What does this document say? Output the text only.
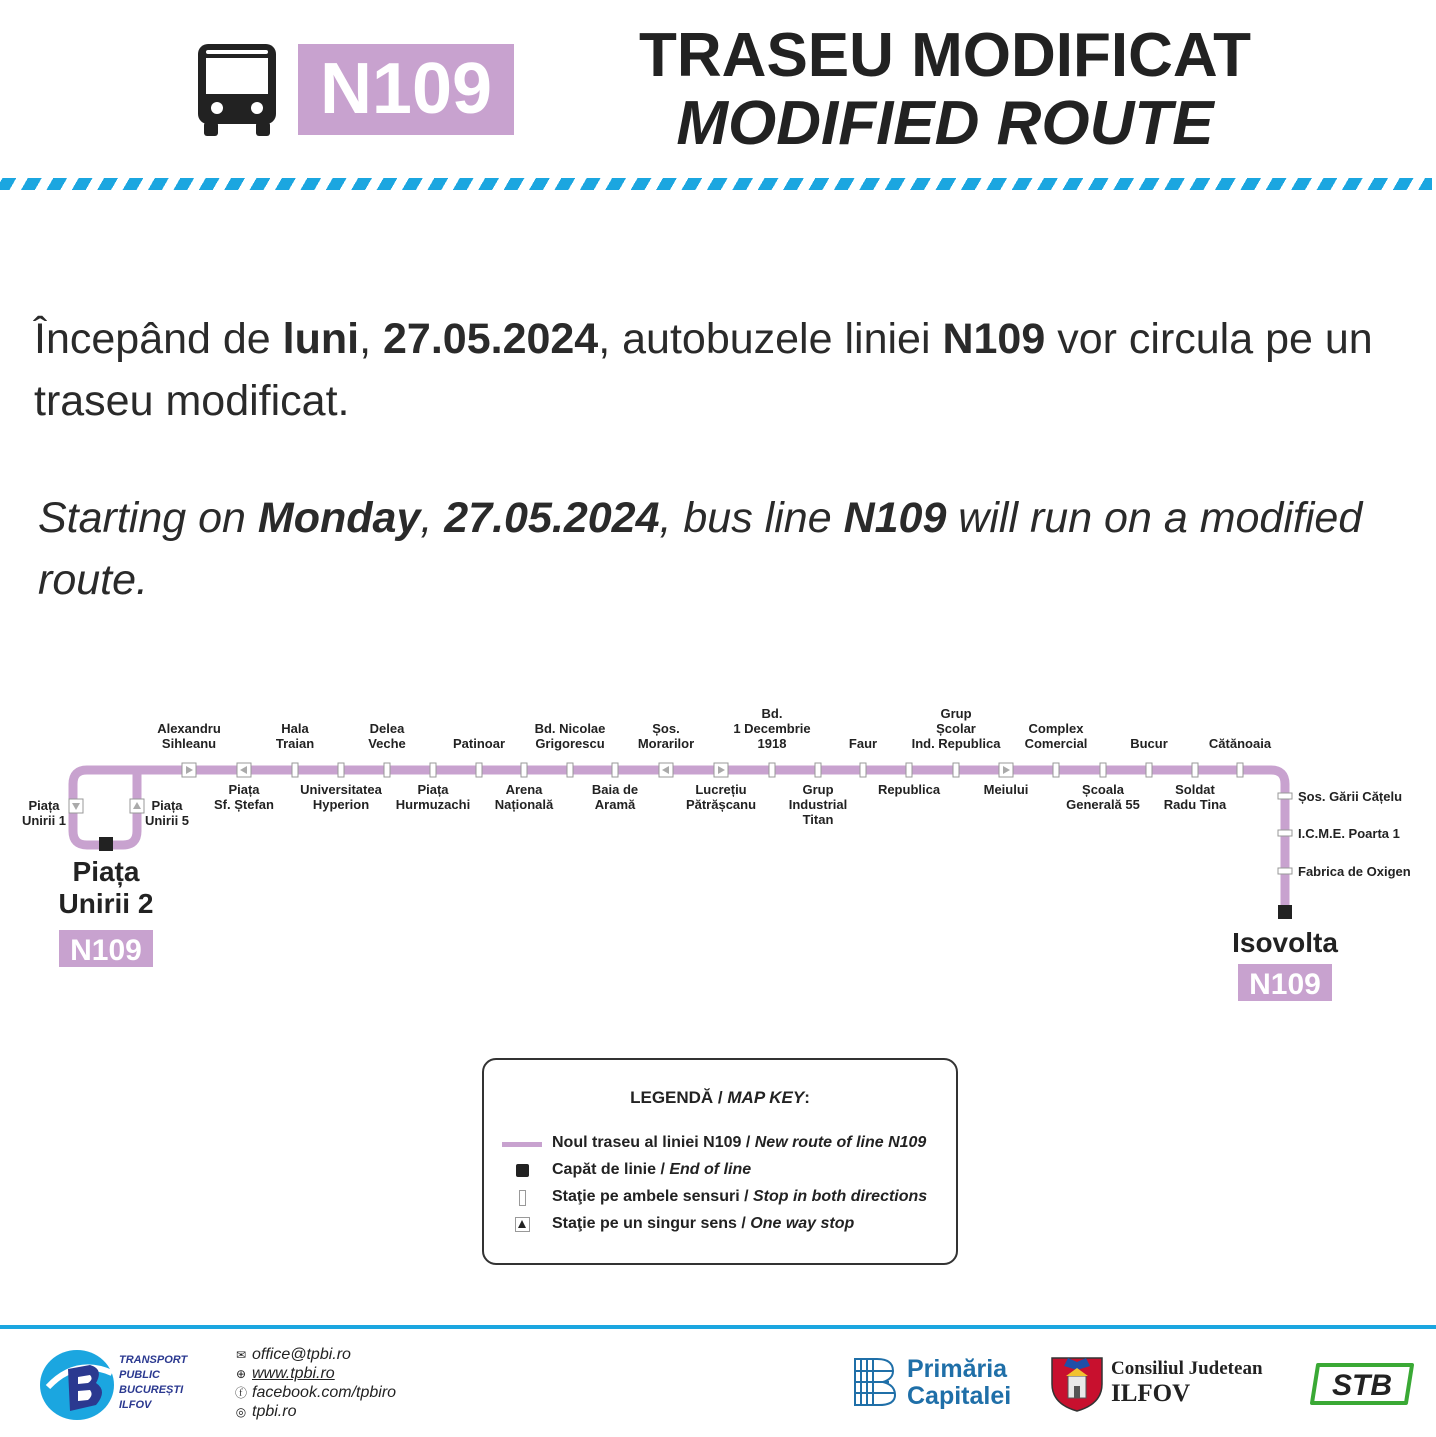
N109	TRASEU MODIFICAT
MODIFIED ROUTE
Începând de luni, 27.05.2024, autobuzele liniei N109 vor circula pe un traseu modificat.
Starting on Monday, 27.05.2024, bus line N109 will run on a modified route.
Alexandru Sihleanu
Piața Sf. Ștefan
Hala Traian
Universitatea Hyperion
Delea Veche
Piața Hurmuzachi
Patinoar
Arena Națională
Bd. Nicolae Grigorescu
Baia de Aramă
Șos. Morarilor
Lucrețiu Pătrășcanu
Bd. 1 Decembrie 1918
Grup Industrial Titan
Faur
Republica
Grup Școlar Ind. Republica
Meiului
Complex Comercial
Școala Generală 55
Bucur
Soldat Radu Tina
Cătănoaia
Piața Unirii 1
Piața Unirii 5
Șos. Gării Cățelu
I.C.M.E. Poarta 1
Fabrica de Oxigen
Piața Unirii 2
N109	Isovolta
N109
LEGENDĂ / MAP KEY:
Noul traseu al liniei N109 / New route of line N109
Capăt de linie / End of line
Staţie pe ambele sensuri / Stop in both directions
Staţie pe un singur sens / One way stop
TRANSPORT
PUBLIC
BUCUREȘTI
ILFOV
✉ office@tpbi.ro
⊕ www.tpbi.ro
ⓕ facebook.com/tpbiro
◎ tpbi.ro
Primăria
Capitalei
Consiliul Judetean
ILFOV	STB
